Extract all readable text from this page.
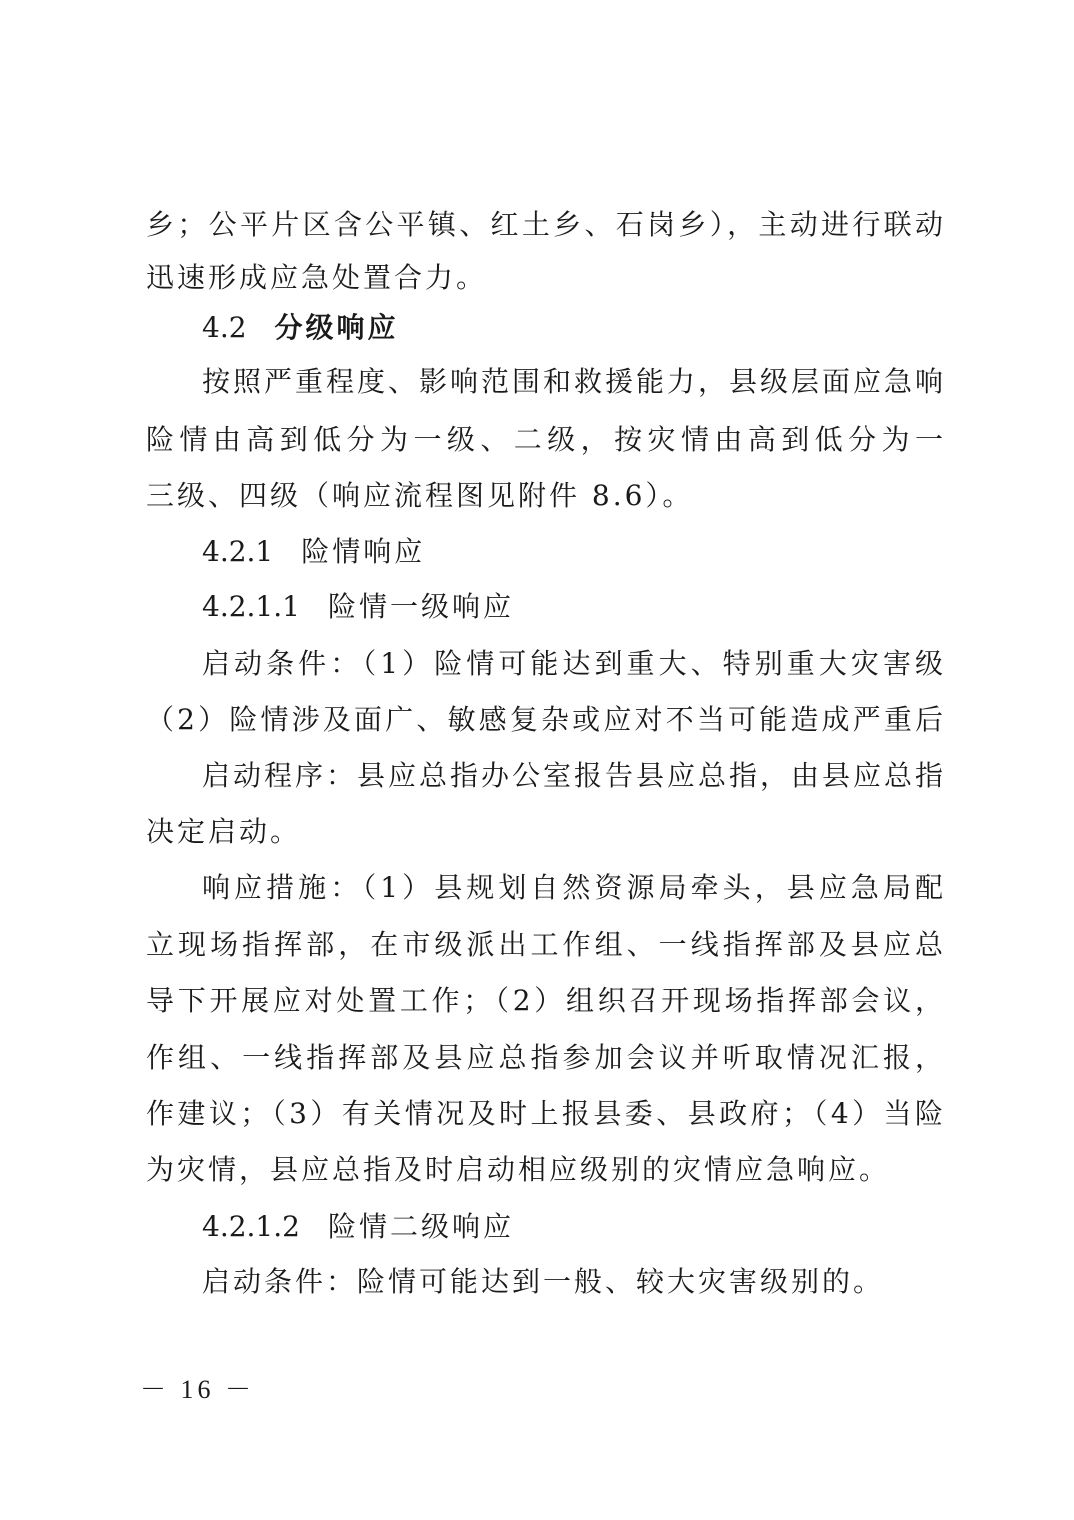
乡；公平片区含公平镇、红土乡、石岗乡），主动进行联动
迅速形成应急处置合力。
4.2 分级响应
按照严重程度、影响范围和救援能力，县级层面应急响
险情由高到低分为一级、二级，按灾情由高到低分为一
三级、四级（响应流程图见附件 8.6）。
4.2.1 险情响应
4.2.1.1 险情一级响应
启动条件：（1）险情可能达到重大、特别重大灾害级
（2）险情涉及面广、敏感复杂或应对不当可能造成严重后
启动程序：县应总指办公室报告县应总指，由县应总指
决定启动。
响应措施：（1）县规划自然资源局牵头，县应急局配
立现场指挥部，在市级派出工作组、一线指挥部及县应总
导下开展应对处置工作；（2）组织召开现场指挥部会议，
作组、一线指挥部及县应总指参加会议并听取情况汇报，
作建议；（3）有关情况及时上报县委、县政府；（4）当险
为灾情，县应总指及时启动相应级别的灾情应急响应。
4.2.1.2 险情二级响应
启动条件：险情可能达到一般、较大灾害级别的。
－ 16 －
